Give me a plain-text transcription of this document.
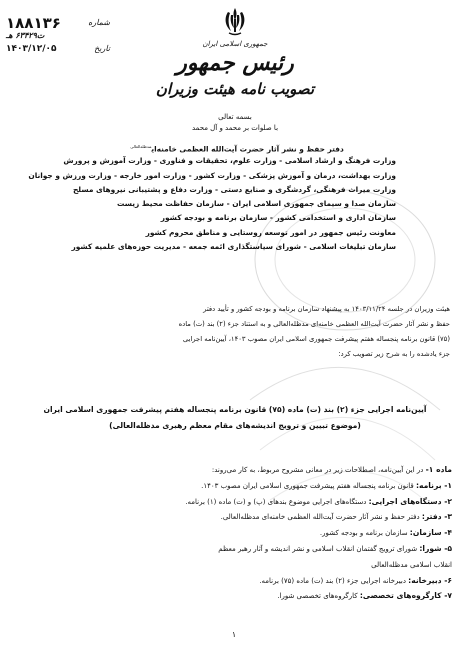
جمهوری اسلامی ایران
رئیس جمهور
تصویب نامه هیئت وزیران
شماره
۱۸۸۱۳۶
ت۶۳۴۲۹ هـ
تاریخ
۱۴۰۳/۱۲/۰۵
بسمه تعالی
با صلوات بر محمد و آل محمد
دفتر حفظ و نشر آثار حضرت آیت‌الله العظمی خامنه‌ای$^{مدظله‌العالی}$
وزارت فرهنگ و ارشاد اسلامی - وزارت علوم، تحقیقات و فناوری - وزارت آموزش و پرورش
وزارت بهداشت، درمان و آموزش پزشکی - وزارت کشور - وزارت امور خارجه - وزارت ورزش و جوانان
وزارت میراث فرهنگی، گردشگری و صنایع دستی - وزارت دفاع و پشتیبانی نیروهای مسلح
سازمان صدا و سیمای جمهوری اسلامی ایران - سازمان حفاظت محیط زیست
سازمان اداری و استخدامی کشور - سازمان برنامه و بودجه کشور
معاونت رئیس جمهور در امور توسعه روستایی و مناطق محروم کشور
سازمان تبلیغات اسلامی - شورای سیاستگذاری ائمه جمعه - مدیریت حوزه‌های علمیه کشور
هیئت وزیران در جلسه ۱۴۰۳/۱۱/۲۴ به پیشنهاد سازمان برنامه و بودجه کشور و تأیید دفتر
حفظ و نشر آثار حضرت آیت‌الله العظمی خامنه‌ای مدظله‌العالی و به استناد جزء (۲) بند (ت) ماده
(۷۵) قانون برنامه پنجساله هفتم پیشرفت جمهوری اسلامی ایران مصوب ۱۴۰۳، آیین‌نامه اجرایی
جزء یادشده را به شرح زیر تصویب کرد:
آیین‌نامه اجرایی جزء (۲) بند (ت) ماده (۷۵) قانون برنامه پنجساله هفتم پیشرفت جمهوری اسلامی ایران
(موضوع تبیین و ترویج اندیشه‌های مقام معظم رهبری مدظله‌العالی)
ماده ۱- در این آیین‌نامه، اصطلاحات زیر در معانی مشروح مربوط، به کار می‌روند:
۱- برنامه: قانون برنامه پنجساله هفتم پیشرفت جمهوری اسلامی ایران مصوب ۱۴۰۳.
۲- دستگاه‌های اجرایی: دستگاه‌های اجرایی موضوع بندهای (پ) و (ت) ماده (۱) برنامه.
۳- دفتر: دفتر حفظ و نشر آثار حضرت آیت‌الله العظمی خامنه‌ای مدظله‌العالی.
۴- سازمان: سازمان برنامه و بودجه کشور.
۵- شورا: شورای ترویج گفتمان انقلاب اسلامی و نشر اندیشه و آثار رهبر معظم
انقلاب اسلامی مدظله‌العالی
۶- دبیرخانه: دبیرخانه اجرایی جزء (۲) بند (ت) ماده (۷۵) برنامه.
۷- کارگروه‌های تخصصی: کارگروه‌های تخصصی شورا.
۱
